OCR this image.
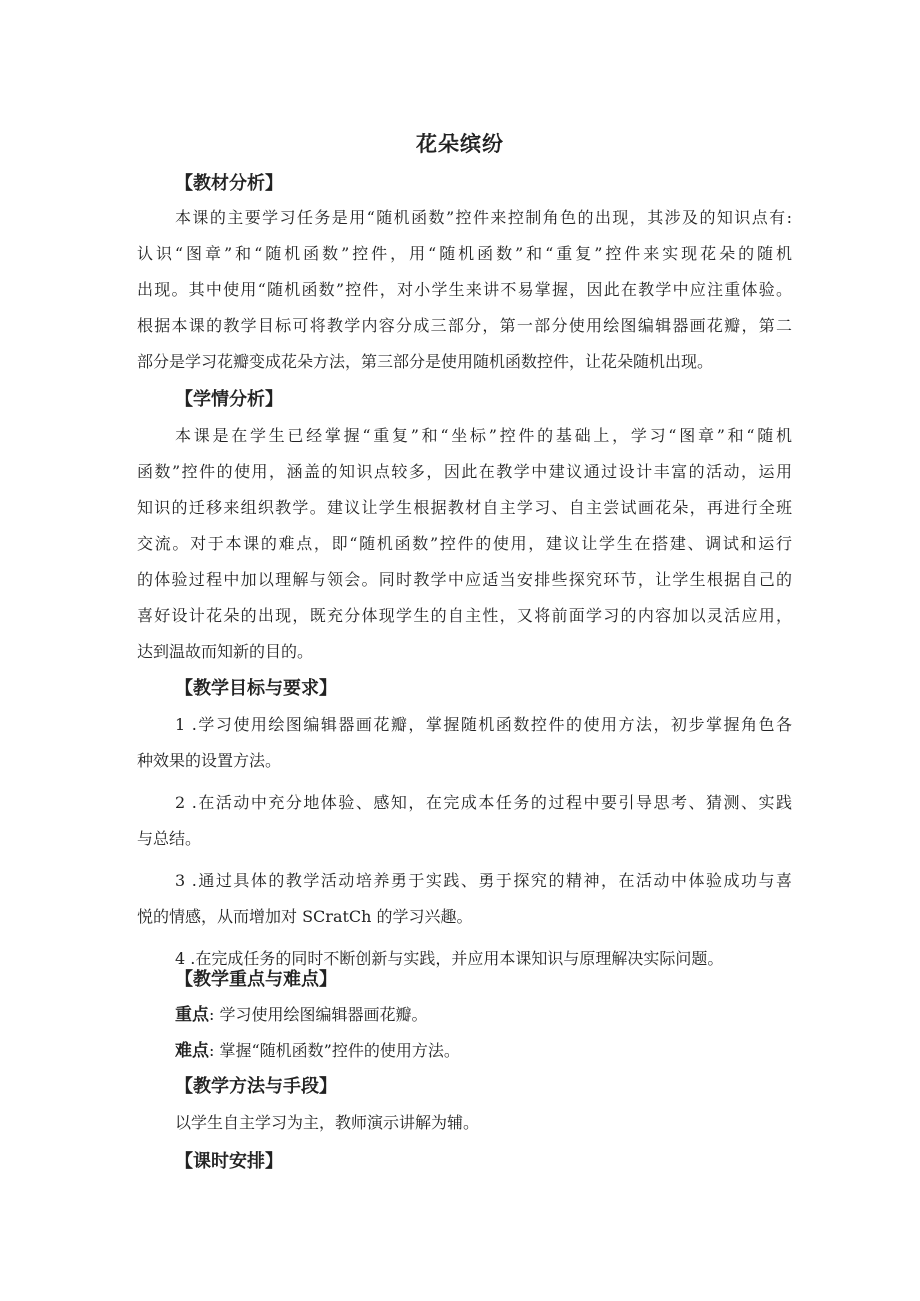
花朵缤纷
【教材分析】
本课的主要学习任务是用“随机函数”控件来控制角色的出现，其涉及的知识点有:
认识“图章”和“随机函数”控件，用“随机函数”和“重复”控件来实现花朵的随机
出现。其中使用“随机函数”控件，对小学生来讲不易掌握，因此在教学中应注重体验。
根据本课的教学目标可将教学内容分成三部分，第一部分使用绘图编辑器画花瓣，第二
部分是学习花瓣变成花朵方法，第三部分是使用随机函数控件，让花朵随机出现。
【学情分析】
本课是在学生已经掌握“重复”和“坐标”控件的基础上，学习“图章”和“随机
函数”控件的使用，涵盖的知识点较多，因此在教学中建议通过设计丰富的活动，运用
知识的迁移来组织教学。建议让学生根据教材自主学习、自主尝试画花朵，再进行全班
交流。对于本课的难点，即“随机函数”控件的使用，建议让学生在搭建、调试和运行
的体验过程中加以理解与领会。同时教学中应适当安排些探究环节，让学生根据自己的
喜好设计花朵的出现，既充分体现学生的自主性，又将前面学习的内容加以灵活应用，
达到温故而知新的目的。
【教学目标与要求】
1 .学习使用绘图编辑器画花瓣，掌握随机函数控件的使用方法，初步掌握角色各
种效果的设置方法。
2 .在活动中充分地体验、感知，在完成本任务的过程中要引导思考、猜测、实践
与总结。
3 .通过具体的教学活动培养勇于实践、勇于探究的精神，在活动中体验成功与喜
悦的情感，从而增加对 SCratCh 的学习兴趣。
4 .在完成任务的同时不断创新与实践，并应用本课知识与原理解决实际问题。
【教学重点与难点】
重点: 学习使用绘图编辑器画花瓣。
难点: 掌握“随机函数”控件的使用方法。
【教学方法与手段】
以学生自主学习为主，教师演示讲解为辅。
【课时安排】
